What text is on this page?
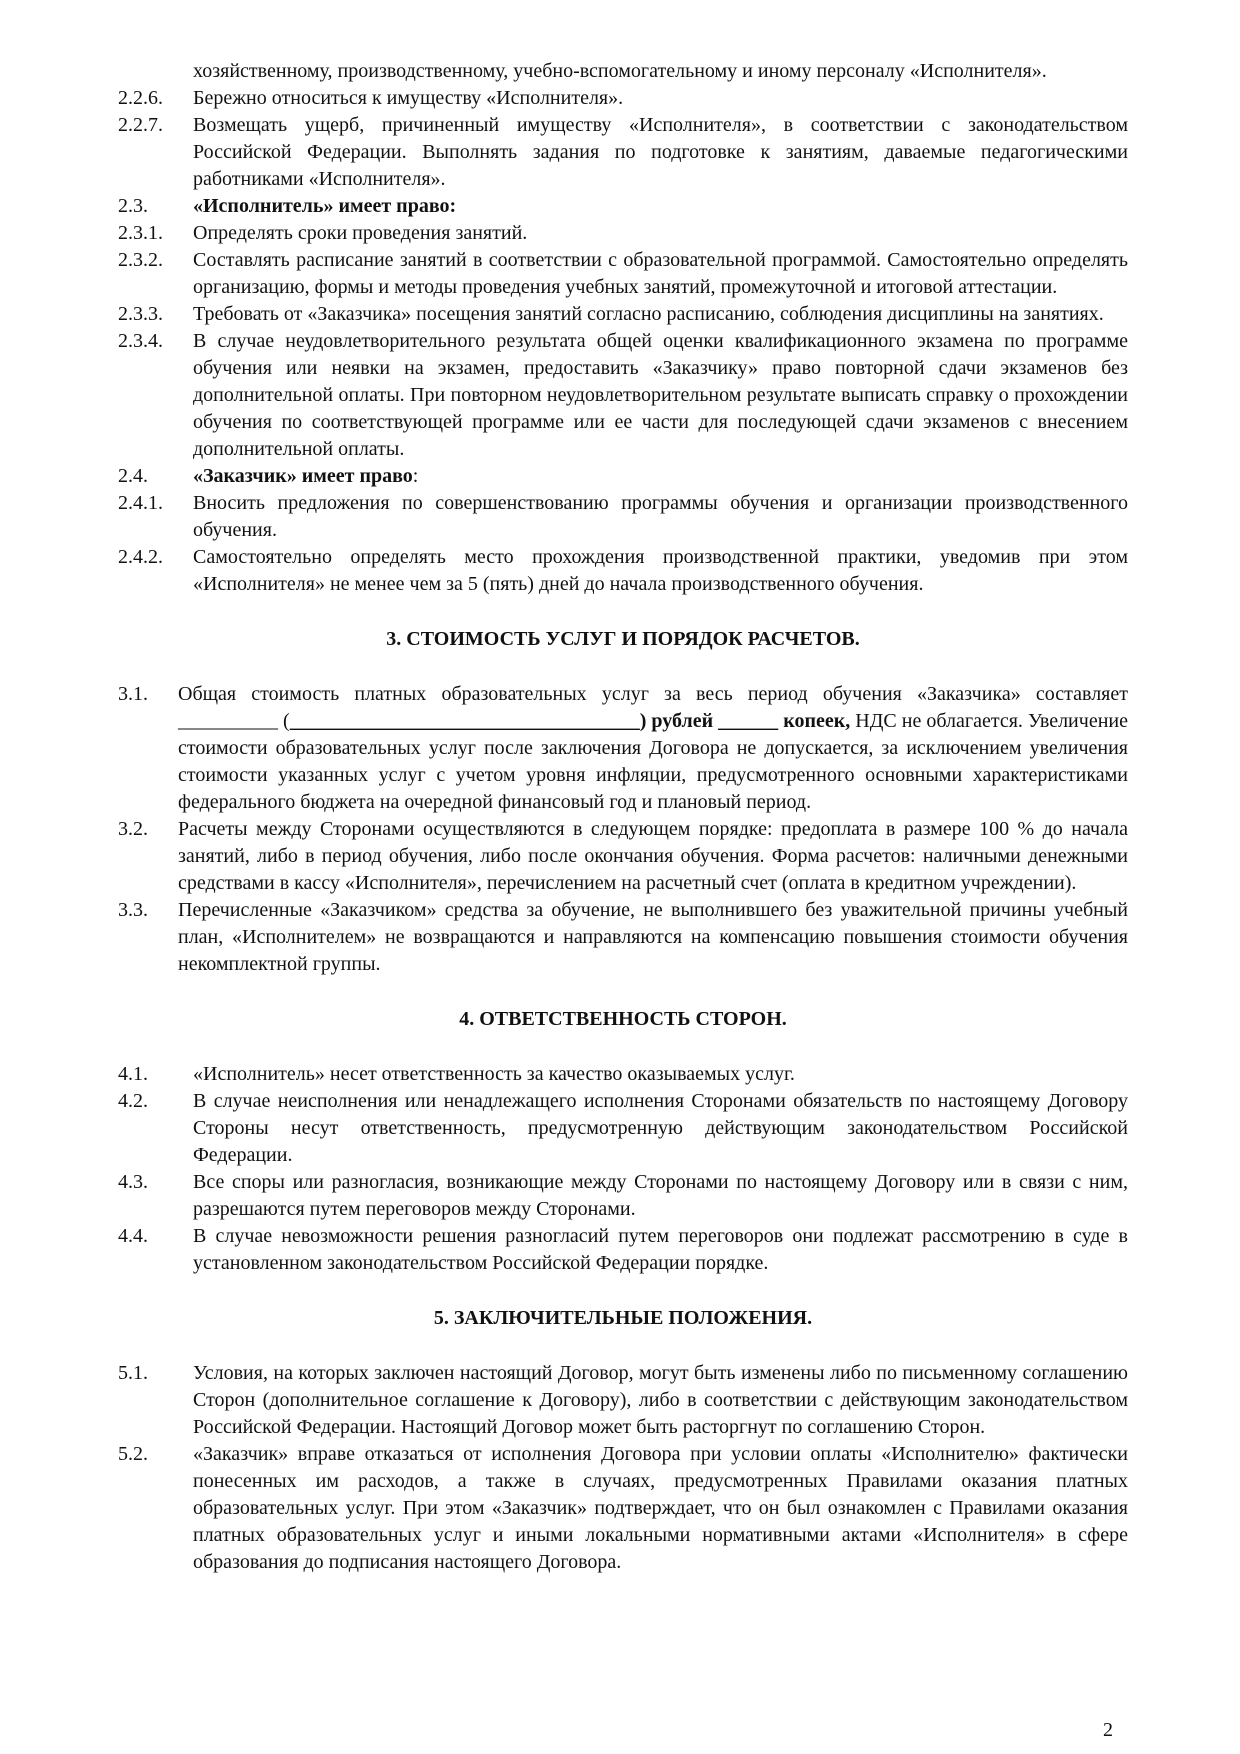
хозяйственному, производственному, учебно-вспомогательному и иному персоналу «Исполнителя».
2.2.6.	Бережно относиться к имуществу «Исполнителя».
2.2.7.	Возмещать ущерб, причиненный имуществу «Исполнителя», в соответствии с законодательством Российской Федерации. Выполнять задания по подготовке к занятиям, даваемые педагогическими работниками «Исполнителя».
2.3.	«Исполнитель» имеет право:
2.3.1.	Определять сроки проведения занятий.
2.3.2.	Составлять расписание занятий в соответствии с образовательной программой. Самостоятельно определять организацию, формы и методы проведения учебных занятий, промежуточной и итоговой аттестации.
2.3.3.	Требовать от «Заказчика» посещения занятий согласно расписанию, соблюдения дисциплины на занятиях.
2.3.4.	В случае неудовлетворительного результата общей оценки квалификационного экзамена по программе обучения или неявки на экзамен, предоставить «Заказчику» право повторной сдачи экзаменов без дополнительной оплаты. При повторном неудовлетворительном результате выписать справку о прохождении обучения по соответствующей программе или ее части для последующей сдачи экзаменов с внесением дополнительной оплаты.
2.4.	«Заказчик» имеет право:
2.4.1.	Вносить предложения по совершенствованию программы обучения и организации производственного обучения.
2.4.2.	Самостоятельно определять место прохождения производственной практики, уведомив при этом «Исполнителя» не менее чем за 5 (пять) дней до начала производственного обучения.
3. СТОИМОСТЬ УСЛУГ И ПОРЯДОК РАСЧЕТОВ.
3.1.	Общая стоимость платных образовательных услуг за весь период обучения «Заказчика» составляет __________ (___________________________________) рублей ______ копеек, НДС не облагается. Увеличение стоимости образовательных услуг после заключения Договора не допускается, за исключением увеличения стоимости указанных услуг с учетом уровня инфляции, предусмотренного основными характеристиками федерального бюджета на очередной финансовый год и плановый период.
3.2.	Расчеты между Сторонами осуществляются в следующем порядке: предоплата в размере 100 % до начала занятий, либо в период обучения, либо после окончания обучения. Форма расчетов: наличными денежными средствами в кассу «Исполнителя», перечислением на расчетный счет (оплата в кредитном учреждении).
3.3.	Перечисленные «Заказчиком» средства за обучение, не выполнившего без уважительной причины учебный план, «Исполнителем» не возвращаются и направляются на компенсацию повышения стоимости обучения некомплектной группы.
4. ОТВЕТСТВЕННОСТЬ СТОРОН.
4.1.	«Исполнитель» несет ответственность за качество оказываемых услуг.
4.2.	В случае неисполнения или ненадлежащего исполнения Сторонами обязательств по настоящему Договору Стороны несут ответственность, предусмотренную действующим законодательством Российской Федерации.
4.3.	Все споры или разногласия, возникающие между Сторонами по настоящему Договору или в связи с ним, разрешаются путем переговоров между Сторонами.
4.4.	В случае невозможности решения разногласий путем переговоров они подлежат рассмотрению в суде в установленном законодательством Российской Федерации порядке.
5. ЗАКЛЮЧИТЕЛЬНЫЕ ПОЛОЖЕНИЯ.
5.1.	Условия, на которых заключен настоящий Договор, могут быть изменены либо по письменному соглашению Сторон (дополнительное соглашение к Договору), либо в соответствии с действующим законодательством Российской Федерации. Настоящий Договор может быть расторгнут по соглашению Сторон.
5.2.	«Заказчик» вправе отказаться от исполнения Договора при условии оплаты «Исполнителю» фактически понесенных им расходов, а также в случаях, предусмотренных Правилами оказания платных образовательных услуг. При этом «Заказчик» подтверждает, что он был ознакомлен с Правилами оказания платных образовательных услуг и иными локальными нормативными актами «Исполнителя» в сфере образования до подписания настоящего Договора.
2
